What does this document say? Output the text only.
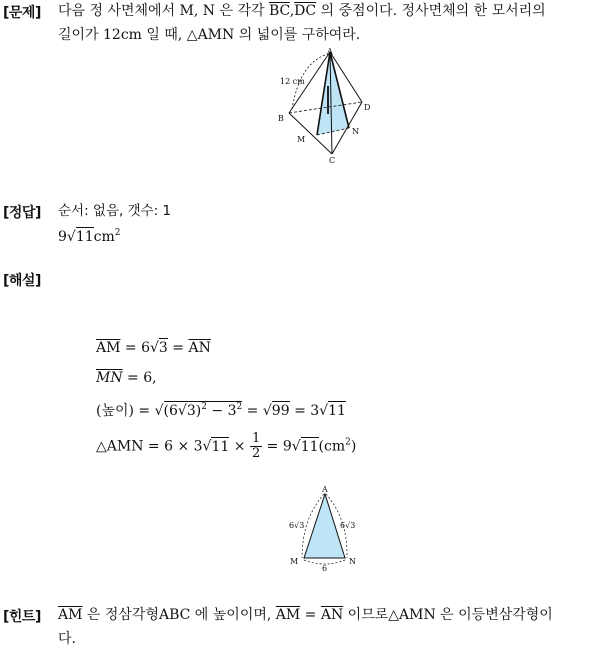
[문제] 다음 정 사면체에서 M, N 은 각각 $\overline{BC},\overline{DC}$ 의 중점이다. 정사면체의 한 모서리의
길이가 12cm 일 때, △AMN 의 넓이를 구하여라.
A
B
C
D
M
N
12 cm
[정답] 순서: 없음, 갯수: 1
$9√11cm^2$
[해설]
$\overline{AM} = 6√3 = \overline{AN}$
$\overline{MN} = 6$,
(높이) = $√(6√3)^2 - 3^2 = √99 = 3√11$
△AMN = $6 \times 3√11 \times \frac{1}{2} = 9√11(cm^2)$
A
M	N
6√3	6√3
6
[힌트] $\overline{AM}$ 은 정삼각형ABC 에 높이이며, $\overline{AM} = \overline{AN}$ 이므로△AMN 은 이등변삼각형이
다.
